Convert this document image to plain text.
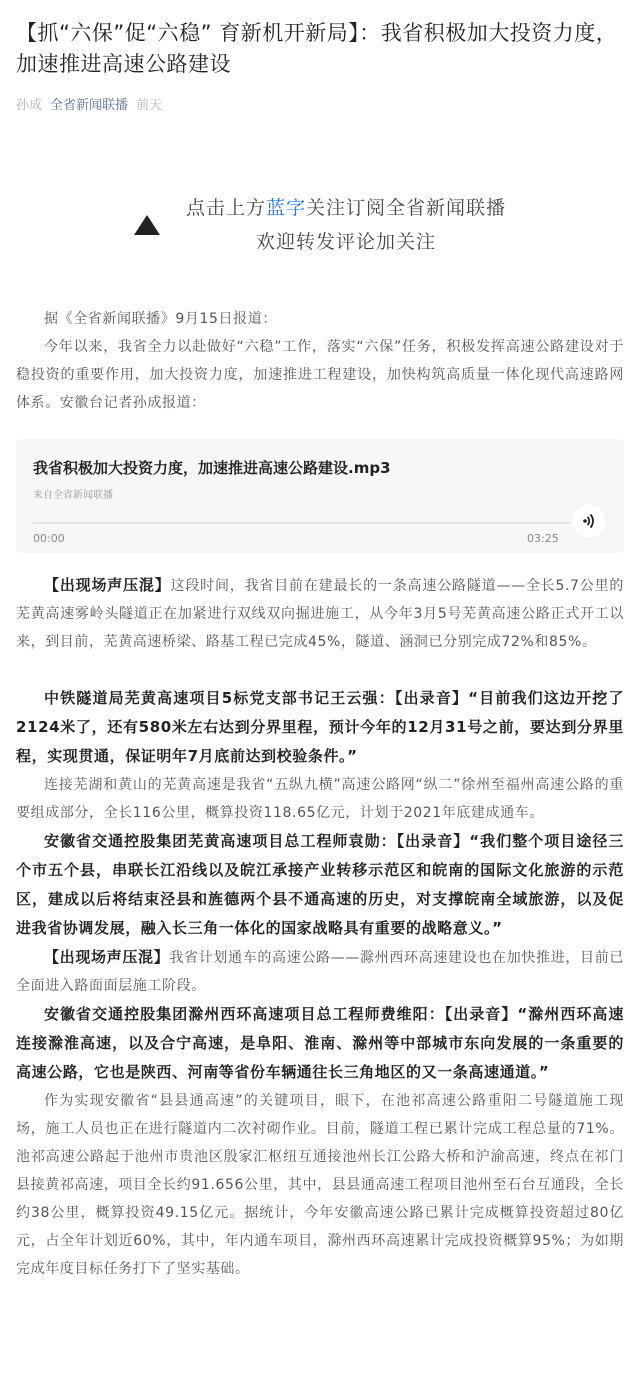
【抓“六保”促“六稳” 育新机开新局】：我省积极加大投资力度，加速推进高速公路建设
孙成 全省新闻联播 前天
点击上方蓝字关注订阅全省新闻联播
欢迎转发评论加关注

据《全省新闻联播》9月15日报道：

今年以来，我省全力以赴做好“六稳”工作，落实“六保”任务，积极发挥高速公路建设对于稳投资的重要作用，加大投资力度，加速推进工程建设，加快构筑高质量一体化现代高速路网体系。安徽台记者孙成报道：

我省积极加大投资力度，加速推进高速公路建设.mp3
来自全省新闻联播
00:00	03:25

【出现场声压混】这段时间，我省目前在建最长的一条高速公路隧道——全长5.7公里的芜黄高速雾岭头隧道正在加紧进行双线双向掘进施工，从今年3月5号芜黄高速公路正式开工以来，到目前，芜黄高速桥梁、路基工程已完成45%，隧道、涵洞已分别完成72%和85%。

中铁隧道局芜黄高速项目5标党支部书记王云强：【出录音】“目前我们这边开挖了2124米了，还有580米左右达到分界里程，预计今年的12月31号之前，要达到分界里程，实现贯通，保证明年7月底前达到校验条件。”

连接芜湖和黄山的芜黄高速是我省“五纵九横”高速公路网“纵二”徐州至福州高速公路的重要组成部分，全长116公里，概算投资118.65亿元，计划于2021年底建成通车。

安徽省交通控股集团芜黄高速项目总工程师袁勋：【出录音】“我们整个项目途径三个市五个县，串联长江沿线以及皖江承接产业转移示范区和皖南的国际文化旅游的示范区，建成以后将结束泾县和旌德两个县不通高速的历史，对支撑皖南全域旅游，以及促进我省协调发展，融入长三角一体化的国家战略具有重要的战略意义。”

【出现场声压混】我省计划通车的高速公路——滁州西环高速建设也在加快推进，目前已全面进入路面面层施工阶段。

安徽省交通控股集团滁州西环高速项目总工程师费维阳：【出录音】“滁州西环高速连接滁淮高速，以及合宁高速，是阜阳、淮南、滁州等中部城市东向发展的一条重要的高速公路，它也是陕西、河南等省份车辆通往长三角地区的又一条高速通道。”

作为实现安徽省“县县通高速”的关键项目，眼下，在池祁高速公路重阳二号隧道施工现场，施工人员也正在进行隧道内二次衬砌作业。目前，隧道工程已累计完成工程总量的71%。池祁高速公路起于池州市贵池区殷家汇枢纽互通接池州长江公路大桥和沪渝高速，终点在祁门县接黄祁高速，项目全长约91.656公里，其中，县县通高速工程项目池州至石台互通段，全长约38公里，概算投资49.15亿元。据统计，今年安徽高速公路已累计完成概算投资超过80亿元，占全年计划近60%，其中，年内通车项目，滁州西环高速累计完成投资概算95%；为如期完成年度目标任务打下了坚实基础。
